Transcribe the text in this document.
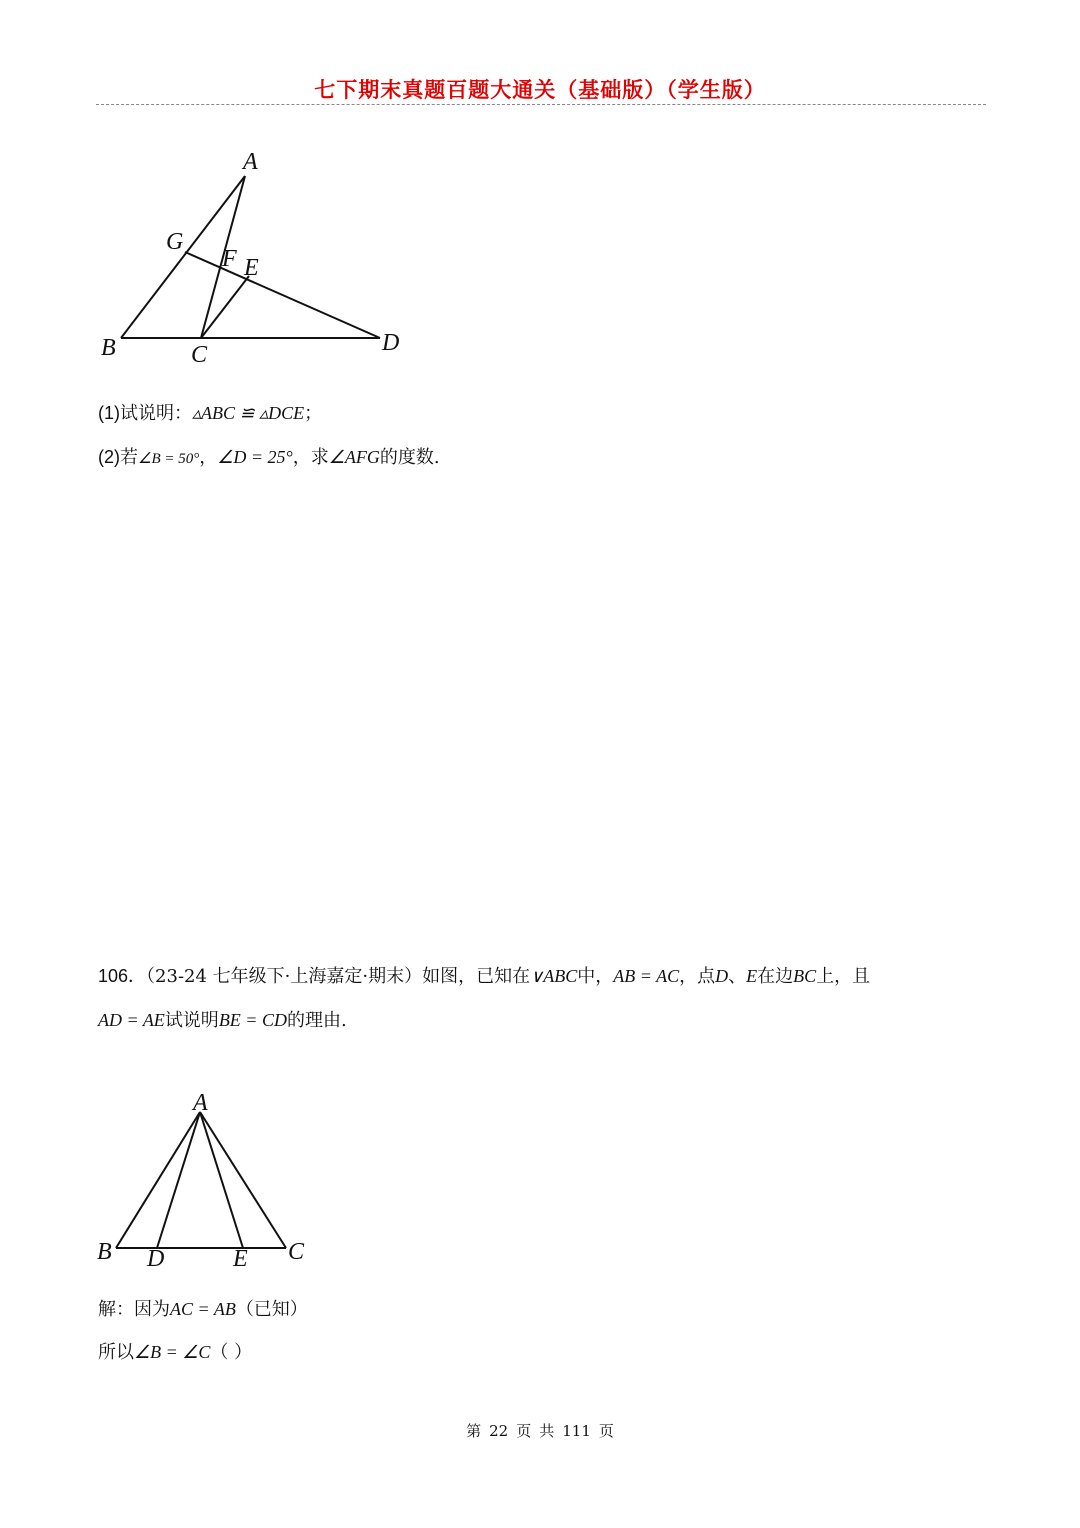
七下期末真题百题大通关（基础版）（学生版）
A
G
F E
B	C	D
(1)试说明：▵ABC ≌ ▵DCE；
(2)若∠B = 50°，∠D = 25°，求∠AFG的度数.
106．（23-24 七年级下·上海嘉定·期末）如图，已知在∨ABC中，AB = AC，点D、E在边BC上，且
AD = AE试说明BE = CD的理由.
A
B D	E C
解：因为AC = AB（已知）
所以∠B = ∠C（ ）
第 22 页 共 111 页
